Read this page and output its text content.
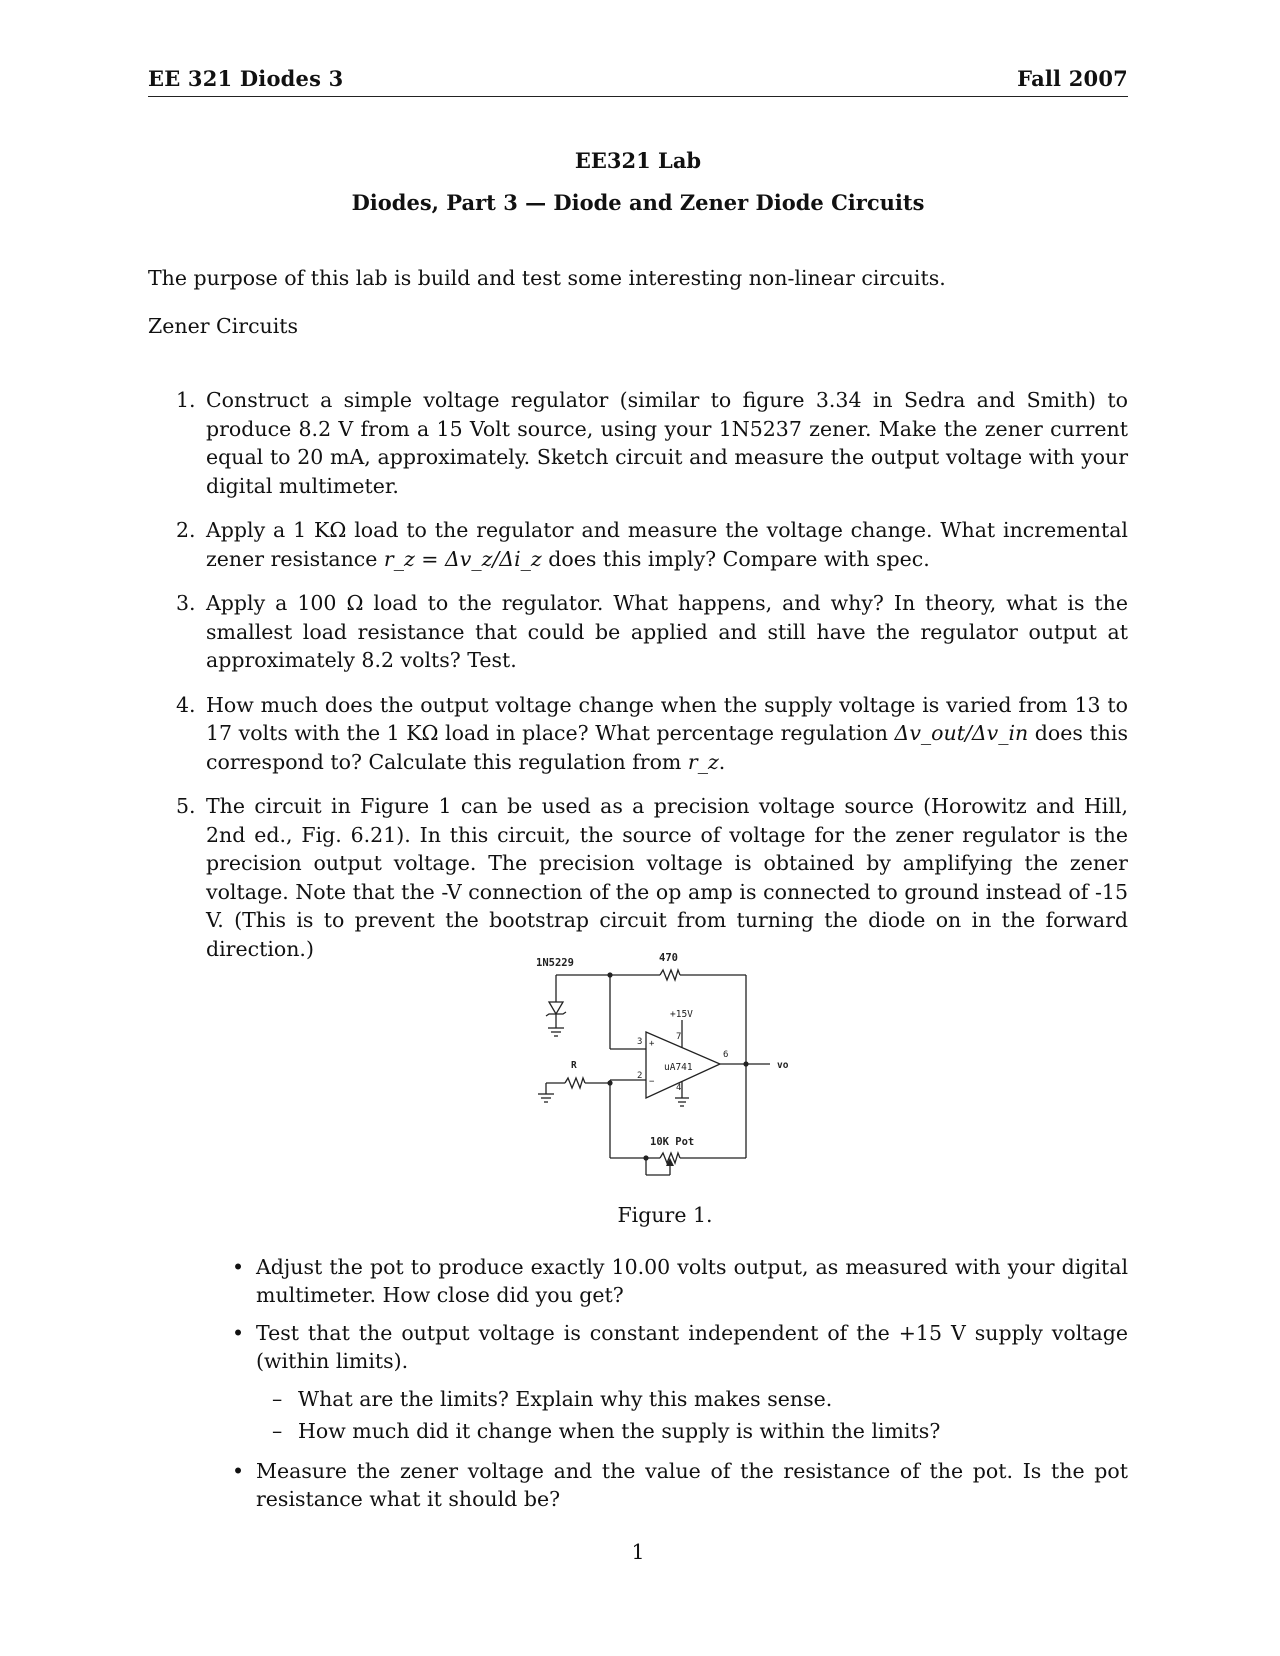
EE 321 Diodes 3	Fall 2007
EE321 Lab
Diodes, Part 3 — Diode and Zener Diode Circuits
The purpose of this lab is build and test some interesting non-linear circuits.
Zener Circuits
1. Construct a simple voltage regulator (similar to figure 3.34 in Sedra and Smith) to produce 8.2 V from a 15 Volt source, using your 1N5237 zener. Make the zener current equal to 20 mA, approximately. Sketch circuit and measure the output voltage with your digital multimeter.
2. Apply a 1 KΩ load to the regulator and measure the voltage change. What incremental zener resistance r_z = Δv_z/Δi_z does this imply? Compare with spec.
3. Apply a 100 Ω load to the regulator. What happens, and why? In theory, what is the smallest load resistance that could be applied and still have the regulator output at approximately 8.2 volts? Test.
4. How much does the output voltage change when the supply voltage is varied from 13 to 17 volts with the 1 KΩ load in place? What percentage regulation Δv_out/Δv_in does this correspond to? Calculate this regulation from r_z.
5. The circuit in Figure 1 can be used as a precision voltage source (Horowitz and Hill, 2nd ed., Fig. 6.21). In this circuit, the source of voltage for the zener regulator is the precision output voltage. The precision voltage is obtained by amplifying the zener voltage. Note that the -V connection of the op amp is connected to ground instead of -15 V. (This is to prevent the bootstrap circuit from turning the diode on in the forward direction.)
1N5229	470
+15V
uA741
3
2
7
6
4
+
−
R
10K Pot
vo
Figure 1.
• Adjust the pot to produce exactly 10.00 volts output, as measured with your digital multimeter. How close did you get?
• Test that the output voltage is constant independent of the +15 V supply voltage (within limits).
– What are the limits? Explain why this makes sense.
– How much did it change when the supply is within the limits?
• Measure the zener voltage and the value of the resistance of the pot. Is the pot resistance what it should be?
1
